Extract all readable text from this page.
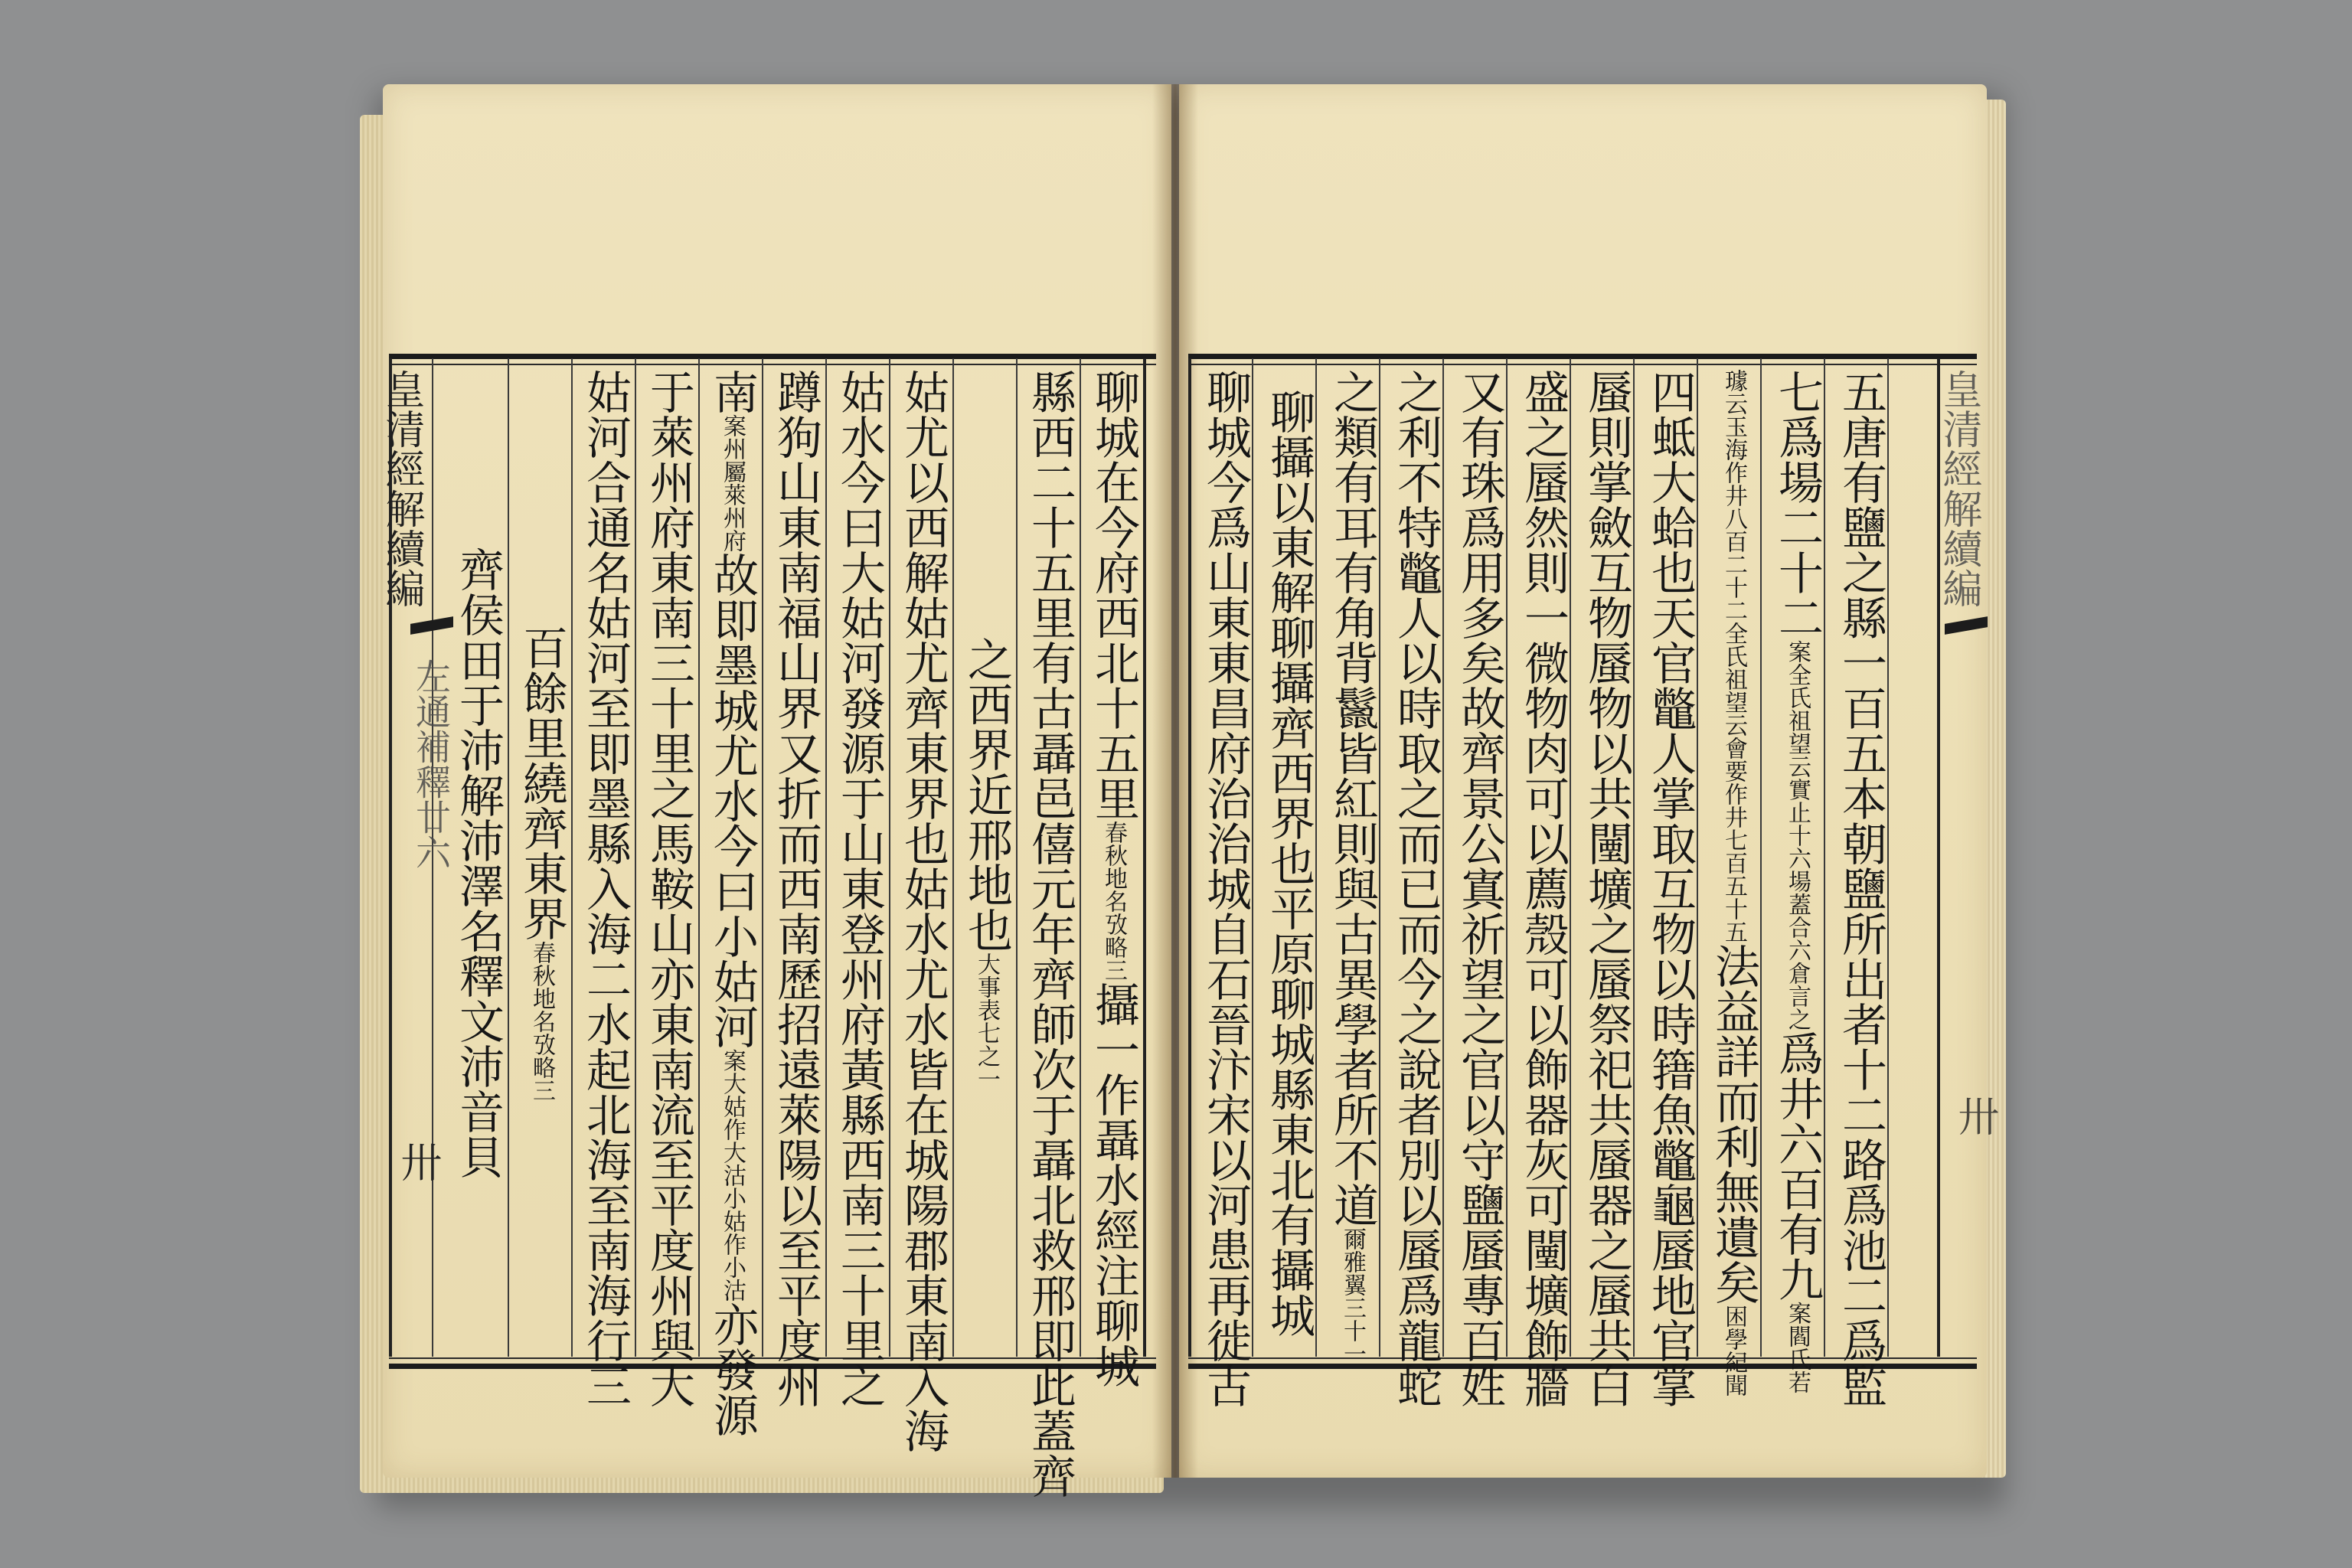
皇清經解續編
左通補釋廿六
卅
聊城在今府西北十五里春秋地名攷略三攝一作聶水經注聊城
縣西二十五里有古聶邑僖元年齊師次于聶北救邢即此蓋齊
之西界近邢地也大事表七之一
姑尤以西解姑尤齊東界也姑水尤水皆在城陽郡東南入海
姑水今曰大姑河發源于山東登州府黃縣西南三十里之
蹲狗山東南福山界又折而西南歷招遠萊陽以至平度州
南案州屬萊州府故即墨城尤水今曰小姑河案大姑作大沽小姑作小沽亦發源
于萊州府東南三十里之馬鞍山亦東南流至平度州與大
姑河合通名姑河至即墨縣入海二水起北海至南海行三
百餘里繞齊東界春秋地名攷略三
齊侯田于沛解沛澤名釋文沛音貝	五唐有鹽之縣一百五本朝鹽所出者十二路爲池二爲監
七爲場二十二案全氏祖望云實止十六場蓋合六倉言之爲井六百有九案閻氏若
璩云玉海作井八百二十二全氏祖望云會要作井七百五十五法益詳而利無遺矣困學紀聞
四蚳大蛤也天官鼈人掌取互物以時簎魚鼈龜蜃地官掌
蜃則掌斂互物蜃物以共闉壙之蜃祭祀共蜃器之蜃共白
盛之蜃然則一微物肉可以薦殼可以飾器灰可闉壙飾牆
又有珠爲用多矣故齊景公寘祈望之官以守鹽蜃專百姓
之利不特鼈人以時取之而已而今之說者別以蜃爲龍蛇
之類有耳有角背鬣皆紅則與古異學者所不道爾雅翼三十一
聊攝以東解聊攝齊西界也平原聊城縣東北有攝城
聊城今爲山東東昌府治治城自石晉汴宋以河患再徙古	皇清經解續編
卅
